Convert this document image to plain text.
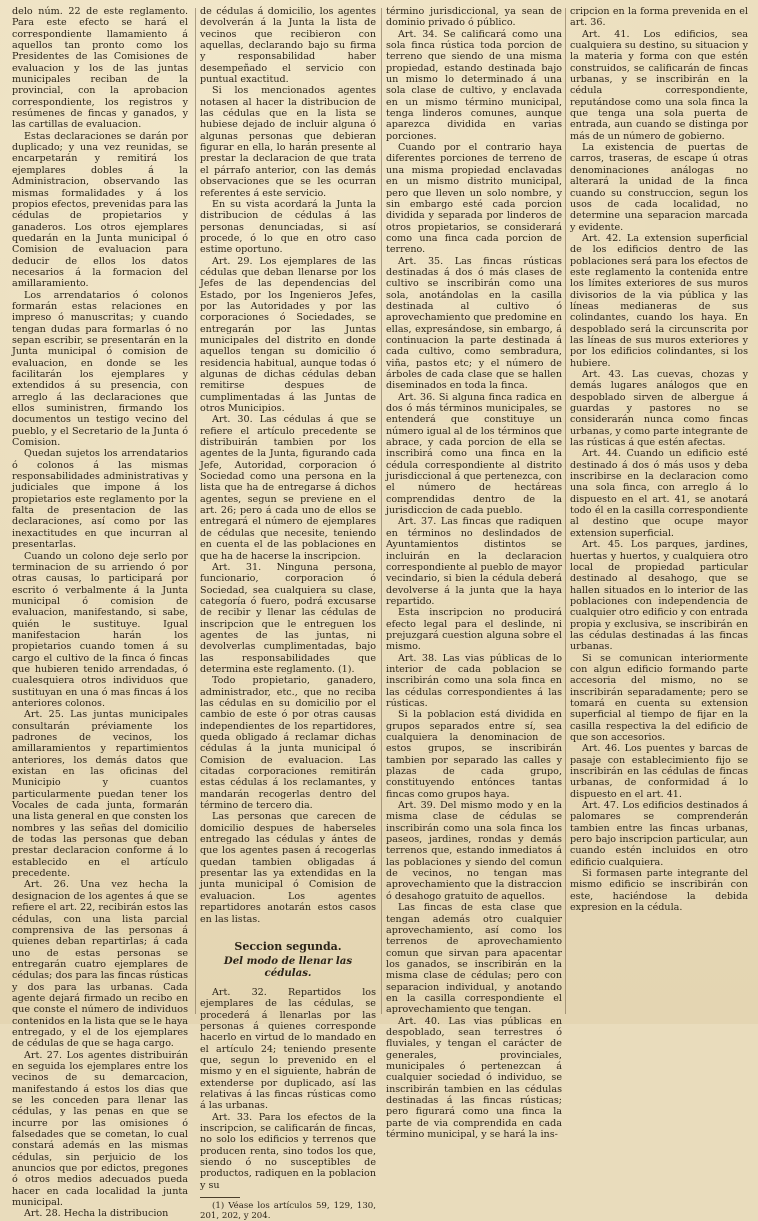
delo núm. 22 de este reglamento. Para este efecto se hará el correspondiente llamamiento á aquellos tan pronto como los Presidentes de las Comisiones de evaluacion y los de las juntas municipales reciban de la provincial, con la aprobacion correspondiente, los registros y resúmenes de fincas y ganados, y las cartillas de evaluacion.

Estas declaraciones se darán por duplicado; y una vez reunidas, se encarpetarán y remitirá los ejemplares dobles á la Administracion, observando las mismas formalidades y á los propios efectos, prevenidas para las cédulas de propietarios y ganaderos. Los otros ejemplares quedarán en la Junta municipal ó Comision de evaluacion para deducir de ellos los datos necesarios á la formacion del amillaramiento.

Los arrendatarios ó colonos formarán estas relaciones en impreso ó manuscritas; y cuando tengan dudas para formarlas ó no sepan escribir, se presentarán en la Junta municipal ó comision de evaluacion, en donde se les facilitarán los ejemplares y extendidos á su presencia, con arreglo á las declaraciones que ellos suministren, firmando los documentos un testigo vecino del pueblo, y el Secretario de la Junta ó Comision.

Quedan sujetos los arrendatarios ó colonos á las mismas responsabilidades administrativas y judiciales que impone á los propietarios este reglamento por la falta de presentacion de las declaraciones, así como por las inexactitudes en que incurran al presentarlas.

Cuando un colono deje serlo por terminacion de su arriendo ó por otras causas, lo participará por escrito ó verbalmente á la Junta municipal ó comision de evaluacion, manifestando, si sabe, quién le sustituye. Igual manifestacion harán los propietarios cuando tomen á su cargo el cultivo de la finca ó fincas que hubieren tenido arrendadas, ó cualesquiera otros individuos que sustituyan en una ó mas fincas á los anteriores colonos.

Art. 25. Las juntas municipales consultarán préviamente los padrones de vecinos, los amillaramientos y repartimientos anteriores, los demás datos que existan en las oficinas del Municipio y cuantos particularmente puedan tener los Vocales de cada junta, formarán una lista general en que consten los nombres y las señas del domicilio de todas las personas que deban prestar declaracion conforme á lo establecido en el artículo precedente.

Art. 26. Una vez hecha la designacion de los agentes á que se refiere el art. 22, recibirán estos las cédulas, con una lista parcial comprensiva de las personas á quienes deban repartirlas; á cada uno de estas personas se entregarán cuatro ejemplares de cédulas; dos para las fincas rústicas y dos para las urbanas. Cada agente dejará firmado un recibo en que conste el número de individuos contenidos en la lista que se le haya entregado, y el de los ejemplares de cédulas de que se haga cargo.

Art. 27. Los agentes distribuirán en seguida los ejemplares entre los vecinos de su demarcacion, manifestando á estos los dias que se les conceden para llenar las cédulas, y las penas en que se incurre por las omisiones ó falsedades que se cometan, lo cual constará además en las mismas cédulas, sin perjuicio de los anuncios que por edictos, pregones ó otros medios adecuados pueda hacer en cada localidad la junta municipal.

Art. 28. Hecha la distribucion

de cédulas á domicilio, los agentes devolverán á la Junta la lista de vecinos que recibieron con aquellas, declarando bajo su firma y responsabilidad haber desempeñado el servicio con puntual exactitud.

Si los mencionados agentes notasen al hacer la distribucion de las cédulas que en la lista se hubiese dejado de incluir alguna ó algunas personas que debieran figurar en ella, lo harán presente al prestar la declaracion de que trata el párrafo anterior, con las demás observaciones que se les ocurran referentes á este servicio.

En su vista acordará la Junta la distribucion de cédulas á las personas denunciadas, si así procede, ó lo que en otro caso estime oportuno.

Art. 29. Los ejemplares de las cédulas que deban llenarse por los Jefes de las dependencias del Estado, por los Ingenieros Jefes, por las Autoridades y por las corporaciones ó Sociedades, se entregarán por las Juntas municipales del distrito en donde aquellos tengan su domicilio ó residencia habitual, aunque todas ó algunas de dichas cédulas deban remitirse despues de cumplimentadas á las Juntas de otros Municipios.

Art. 30. Las cédulas á que se refiere el artículo precedente se distribuirán tambien por los agentes de la Junta, figurando cada Jefe, Autoridad, corporacion ó Sociedad como una persona en la lista que ha de entregarse á dichos agentes, segun se previene en el art. 26; pero á cada uno de ellos se entregará el número de ejemplares de cédulas que necesite, teniendo en cuenta el de las poblaciones en que ha de hacerse la inscripcion.

Art. 31. Ninguna persona, funcionario, corporacion ó Sociedad, sea cualquiera su clase, categoría ó fuero, podrá excusarse de recibir y llenar las cédulas de inscripcion que le entreguen los agentes de las juntas, ni devolverlas cumplimentadas, bajo las responsabilidades que determina este reglamento. (1).

Todo propietario, ganadero, administrador, etc., que no reciba las cédulas en su domicilio por el cambio de este ó por otras causas independientes de los repartidores, queda obligado á reclamar dichas cédulas á la junta municipal ó Comision de evaluacion. Las citadas corporaciones remitirán estas cédulas á los reclamantes, y mandarán recogerlas dentro del término de tercero dia.

Las personas que carecen de domicilio despues de haberseles entregado las cédulas y ántes de que los agentes pasen á recogerlas quedan tambien obligadas á presentar las ya extendidas en la junta municipal ó Comision de evaluacion. Los agentes repartidores anotarán estos casos en las listas.

Seccion segunda.
Del modo de llenar las cédulas.

Art. 32. Repartidos los ejemplares de las cédulas, se procederá á llenarlas por las personas á quienes corresponde hacerlo en virtud de lo mandado en el artículo 24; teniendo presente que, segun lo prevenido en el mismo y en el siguiente, habrán de extenderse por duplicado, así las relativas á las fincas rústicas como á las urbanas.

Art. 33. Para los efectos de la inscripcion, se calificarán de fincas, no solo los edificios y terrenos que producen renta, sino todos los que, siendo ó no susceptibles de productos, radiquen en la poblacion y su

(1) Véase los artículos 59, 129, 130, 201, 202, y 204.

término jurisdiccional, ya sean de dominio privado ó público.

Art. 34. Se calificará como una sola finca rústica toda porcion de terreno que siendo de una misma propiedad, estando destinada bajo un mismo lo determinado á una sola clase de cultivo, y enclavada en un mismo término municipal, tenga linderos comunes, aunque aparezca dividida en varias porciones.

Cuando por el contrario haya diferentes porciones de terreno de una misma propiedad enclavadas en un mismo distrito municipal, pero que lleven un solo nombre, y sin embargo esté cada porcion dividida y separada por linderos de otros propietarios, se considerará como una finca cada porcion de terreno.

Art. 35. Las fincas rústicas destinadas á dos ó más clases de cultivo se inscribirán como una sola, anotándolas en la casilla destinada al cultivo ó aprovechamiento que predomine en ellas, expresándose, sin embargo, á continuacion la parte destinada á cada cultivo, como sembradura, viña, pastos etc; y el número de árboles de cada clase que se hallen diseminados en toda la finca.

Art. 36. Si alguna finca radica en dos ó más términos municipales, se entenderá que constituye un número igual al de los términos que abrace, y cada porcion de ella se inscribirá como una finca en la cédula correspondiente al distrito jurisdiccional á que pertenezca, con el número de hectáreas comprendidas dentro de la jurisdiccion de cada pueblo.

Art. 37. Las fincas que radiquen en términos no deslindados de Ayuntamientos distintos se incluirán en la declaracion correspondiente al pueblo de mayor vecindario, si bien la cédula deberá devolverse á la junta que la haya repartido.

Esta inscripcion no producirá efecto legal para el deslinde, ni prejuzgará cuestion alguna sobre el mismo.

Art. 38. Las vias públicas de lo interior de cada poblacion se inscribirán como una sola finca en las cédulas correspondientes á las rústicas.

Si la poblacion está dividida en grupos separados entre sí, sea cualquiera la denominacion de estos grupos, se inscribirán tambien por separado las calles y plazas de cada grupo, constituyendo entónces tantas fincas como grupos haya.

Art. 39. Del mismo modo y en la misma clase de cédulas se inscribirán como una sola finca los paseos, jardines, rondas y demás terrenos que, estando inmediatos á las poblaciones y siendo del comun de vecinos, no tengan mas aprovechamiento que la distraccion ó desahogo gratuito de aquellos.

Las fincas de esta clase que tengan además otro cualquier aprovechamiento, así como los terrenos de aprovechamiento comun que sirvan para apacentar los ganados, se inscribirán en la misma clase de cédulas; pero con separacion individual, y anotando en la casilla correspondiente el aprovechamiento que tengan.

Art. 40. Las vias públicas en despoblado, sean terrestres ó fluviales, y tengan el carácter de generales, provinciales, municipales ó pertenezcan á cualquier sociedad ó individuo, se inscribirán tambien en las cédulas destinadas á las fincas rústicas; pero figurará como una finca la parte de via comprendida en cada término municipal, y se hará la ins-

cripcion en la forma prevenida en el art. 36.

Art. 41. Los edificios, sea cualquiera su destino, su situacion y la materia y forma con que estén construidos, se calificarán de fincas urbanas, y se inscribirán en la cédula correspondiente, reputándose como una sola finca la que tenga una sola puerta de entrada, aun cuando se distinga por más de un número de gobierno.

La existencia de puertas de carros, traseras, de escape ú otras denominaciones análogas no alterará la unidad de la finca cuando su construccion, segun los usos de cada localidad, no determine una separacion marcada y evidente.

Art. 42. La extension superficial de los edificios dentro de las poblaciones será para los efectos de este reglamento la contenida entre los límites exteriores de sus muros divisorios de la via pública y las líneas medianeras de sus colindantes, cuando los haya. En despoblado será la circunscrita por las líneas de sus muros exteriores y por los edificios colindantes, si los hubiere.

Art. 43. Las cuevas, chozas y demás lugares análogos que en despoblado sirven de albergue á guardas y pastores no se considerarán nunca como fincas urbanas, y como parte integrante de las rústicas á que estén afectas.

Art. 44. Cuando un edificio esté destinado á dos ó más usos y deba inscribirse en la declaracion como una sola finca, con arreglo á lo dispuesto en el art. 41, se anotará todo él en la casilla correspondiente al destino que ocupe mayor extension superficial.

Art. 45. Los parques, jardines, huertas y huertos, y cualquiera otro local de propiedad particular destinado al desahogo, que se hallen situados en lo interior de las poblaciones con independencia de cualquier otro edificio y con entrada propia y exclusiva, se inscribirán en las cédulas destinadas á las fincas urbanas.

Si se comunican interiormente con algun edificio formando parte accesoria del mismo, no se inscribirán separadamente; pero se tomará en cuenta su extension superficial al tiempo de fijar en la casilla respectiva la del edificio de que son accesorios.

Art. 46. Los puentes y barcas de pasaje con establecimiento fijo se inscribirán en las cédulas de fincas urbanas, de conformidad á lo dispuesto en el art. 41.

Art. 47. Los edificios destinados á palomares se comprenderán tambien entre las fincas urbanas, pero bajo inscripcion particular, aun cuando estén incluidos en otro edificio cualquiera.

Si formasen parte integrante del mismo edificio se inscribirán con este, haciéndose la debida expresion en la cédula.
